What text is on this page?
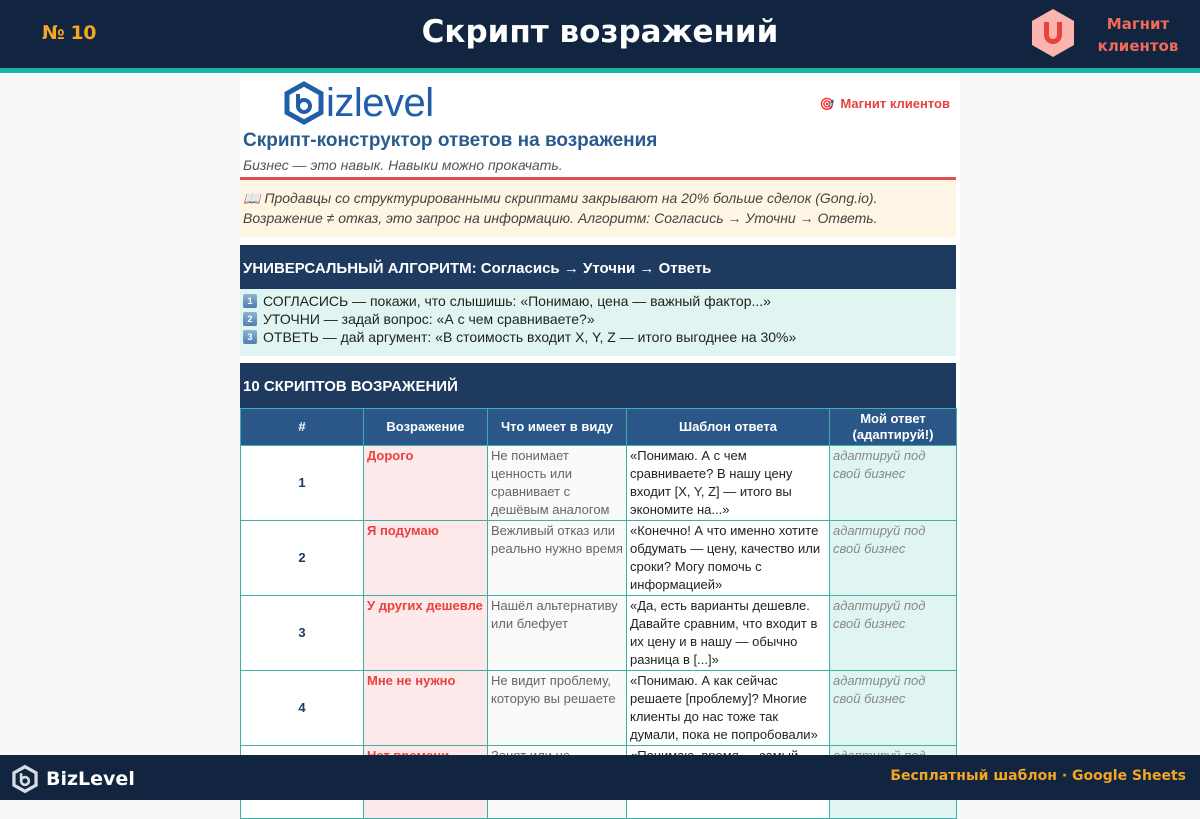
№ 10	Скрипт возражений	Магнит
клиентов
izlevel	🎯 Магнит клиентов
Скрипт-конструктор ответов на возражения
Бизнес — это навык. Навыки можно прокачать.
📖 Продавцы со структурированными скриптами закрывают на 20% больше сделок (Gong.io).
Возражение ≠ отказ, это запрос на информацию. Алгоритм: Согласись → Уточни → Ответь.
УНИВЕРСАЛЬНЫЙ АЛГОРИТМ: Согласись → Уточни → Ответь
1 СОГЛАСИСЬ — покажи, что слышишь: «Понимаю, цена — важный фактор...»
2 УТОЧНИ — задай вопрос: «А с чем сравниваете?»
3 ОТВЕТЬ — дай аргумент: «В стоимость входит X, Y, Z — итого выгоднее на 30%»
10 СКРИПТОВ ВОЗРАЖЕНИЙ
#	Возражение	Что имеет в виду	Шаблон ответа	Мой ответ (адаптируй!)
1	Дорого	Не понимает ценность или сравнивает с дешёвым аналогом	«Понимаю. А с чем сравниваете? В нашу цену входит [X, Y, Z] — итого вы экономите на...»	адаптируй под свой бизнес
2	Я подумаю	Вежливый отказ или реально нужно время	«Конечно! А что именно хотите обдумать — цену, качество или сроки? Могу помочь с информацией»	адаптируй под свой бизнес
3	У других дешевле	Нашёл альтернативу или блефует	«Да, есть варианты дешевле. Давайте сравним, что входит в их цену и в нашу — обычно разница в [...]»	адаптируй под свой бизнес
4	Мне не нужно	Не видит проблему, которую вы решаете	«Понимаю. А как сейчас решаете [проблему]? Многие клиенты до нас тоже так думали, пока не попробовали»	адаптируй под свой бизнес

BizLevel	Бесплатный шаблон · Google Sheets
